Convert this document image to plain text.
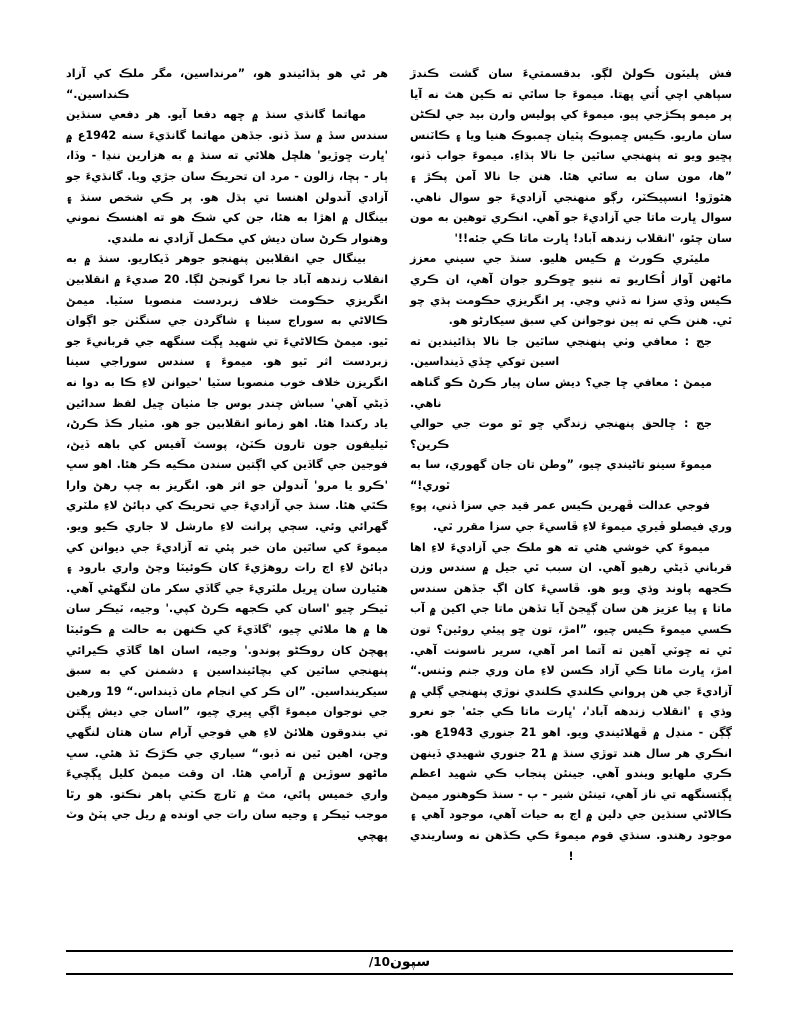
هر ڻي هو ٻڌائيندو هو، ”مرنداسين، مگر ملڪ کي آزاد ڪنداسين.“

مهاتما گانڌي سنڌ ۾ ڇهه دفعا آيو. هر دفعي سنڌين سندس سڏ ۾ سڏ ڏنو. جڏهن مهاتما گانڌيءَ سنه 1942ع ۾ 'ڀارت ڇوڙيو' هلچل هلائي ته سنڌ ۾ به هزارين ننڍا - وڏا، ٻار - ٻچا، زالون - مرد ان تحريڪ سان جڙي ويا. گانڌيءَ جو آزادي آندولن اهنسا تي ٻڌل هو. پر ڪي شخص سنڌ ۽ بينگال ۾ اهڙا به هئا، جن کي شڪ هو ته اهنسڪ نموني وهنوار ڪرڻ سان ديش کي مڪمل آزادي نه ملندي.

بينگال جي انقلابين پنهنجو جوهر ڏيکاريو. سنڌ ۾ به انقلاب زندهه آباد جا نعرا گونجڻ لڳا. 20 صديءَ ۾ انقلابين انگريزي حڪومت خلاف زبردست منصوبا سٽيا. ميمڻ ڪالاڻي به سوراج سينا ۽ شاگردن جي سنگٺن جو اڳوان ٿيو. ميمڻ ڪالاڻيءَ تي شهيد ڀڳت سنگهه جي قربانيءَ جو زبردست اثر ٿيو هو. ميموءَ ۽ سندس سوراجي سينا انگريزن خلاف خوب منصوبا سٽيا 'حيوانن لاءِ ڪا به دوا نه ڏيڻي آهي' سباش چندر بوس جا مٺيان ڇيل لفظ سدائين ياد رکندا هئا. اهو زمانو انقلابين جو هو. مٺيار ڪڏ ڪرڻ، ٽيليفون جون تارون ڪٽڻ، پوسٽ آفيس کي باهه ڏيڻ، فوجين جي گاڏين کي اڳتين سندن مڪيه ڪر هئا. اهو سڀ 'ڪرو يا مرو' آندولن جو اثر هو. انگريز به چپ رهڻ وارا ڪٿي هئا. سنڌ جي آزاديءَ جي تحريڪ کي دٻائڻ لاءِ ملٽري گهرائي وئي. سڄي پرانت لاءِ مارشل لا جاري ڪيو ويو. ميموءَ کي ساٿين مان خبر پئي ته آزاديءَ جي ديوانن کي دٻائڻ لاءِ اڄ رات روهڙيءَ کان ڪوئيٽا وڃڻ واري بارود ۽ هٿيارن سان ڀريل ملٽريءَ جي گاڏي سکر مان لنگهڻي آهي. ٽيڪر چيو 'اسان کي ڪجهه ڪرڻ کپي.' وجيه، ٽيڪر سان ها ۾ ها ملائي چيو، 'گاڏيءَ کي ڪنهن به حالت ۾ ڪوئيٽا پهچڻ کان روڪڻو پوندو.' وجيه، اسان اها گاڏي ڪيرائي پنهنجي ساٿين کي بچائينداسين ۽ دشمنن کي به سبق سيکرينداسين. ”ان ڪر کي انجام مان ڏينداس.“ 19 ورهين جي نوجوان ميموءَ اڳي ڀيري چيو، ”اسان جي ديش ڀڳتن تي بندوقون هلائڻ لاءِ هي فوجي آرام سان هتان لنگهي وڃن، اهين ٿين نه ڏبو.“ سياري جي ڪڙڪ ٿڌ هئي. سڀ ماڻهو سوڙين ۾ آرامي هئا. ان وقت ميمڻ کليل ڀڳچيءَ واري خميس پائي، مٿ ۾ ٽارچ ڪٽي ٻاهر نڪتو. هو رٿا موجب ٽيڪر ۽ وجيه سان رات جي اونده ۾ ريل جي پٽڻ وٽ پهچي

فش پليٽون ڪولڻ لڳو. بدقسمتيءَ سان گشت ڪندڙ سپاهي اچي اُتي پهتا. ميموءَ جا ساٿي ته ڪين هٿ نه آيا پر ميمو پڪڙجي پيو. ميموءَ کي پوليس وارن بيد جي لڪڻن سان ماريو. ڪيس ڇمبوڪ پٽيان ڇمبوڪ هنيا ويا ۽ ڪاٽنس پڇيو ويو ته پنهنجي ساٿين جا نالا ٻڌاءِ. ميموءَ جواب ڏنو، ”ها، مون سان به ساٿي هئا. هنن جا نالا آمن پڪڙ ۽ هٿوڙو! انسپيڪٽر، رڳو منهنجي آزاديءَ جو سوال ناهي. سوال ڀارت ماتا جي آزاديءَ جو آهي. انڪري توهين به مون سان چئو، 'انقلاب زندهه آباد! ڀارت ماتا ڪي جئه!!'

مليٽري ڪورٽ ۾ ڪيس هليو. سنڌ جي سيني معزز ماڻهن آواز اُڪاريو ته ننيو ڇوڪرو جوان آهي، ان ڪري ڪيس وڏي سزا نه ڏني وڃي. پر انگريزي حڪومت ٻڌي چو ٿي. هنن ڪي ته ٻين نوجوانن کي سبق سيکارڻو هو.

جج : معافي وٺي پنهنجي ساٿين جا نالا ٻڌائيندين ته اسين توکي ڇڏي ڏينداسين.

ميمڻ : معافي ڇا جي؟ ديش سان پيار ڪرڻ ڪو گناهه ناهي.

جج : ڇالحق پنهنجي زندگي ڇو ٿو موت جي حوالي ڪرين؟

ميموءَ سينو تاڻيندي چيو، ”وطن تان جان گهوري، سا به ٿوري!“

فوجي عدالت ڦهرين ڪيس عمر قيد جي سزا ڏني، پوءِ وري فيصلو ڦيري ميموءَ لاءِ ڦاسيءَ جي سزا مقرر ٿي.

ميموءَ کي خوشي هئي ته هو ملڪ جي آزاديءَ لاءِ اها قرباني ڏيڻي رهيو آهي. ان سبب ٿي جيل ۾ سندس وزن ڪجهه پاوند وڌي ويو هو. ڦاسيءَ کان اڳ جڏهن سندس ماتا ۽ پيا عزيز هن سان ڳڀجڻ آيا تڏهن ماتا جي اکين ۾ آب ڪسي ميموءَ ڪيس چيو، ”امڙ، تون ڇو پيئي روئين؟ تون ٿي ته ڇوٽي آهين ته آتما امر آهي، سرير ناسونت آهي. امڙ، ڀارت ماتا ڪي آزاد ڪسن لاءِ مان وري جنم وٺنس.“ آزاديءَ جي هن پرواني ڪلندي ڪلندي نوڙي پنهنجي ڳلي ۾ وڌي ۽ 'انقلاب زندهه آباد'، 'ڀارت ماتا ڪي جئه' جو نعرو ڳڳن - منڊل ۾ ڦهلائيندي ويو. اهو 21 جنوري 1943ع هو. انڪري هر سال هند توڙي سنڌ ۾ 21 جنوري شهيدي ڏينهن ڪري ملهايو ويندو آهي. جينئن پنجاب ڪي شهيد اعظم ڀڳتسنگهه تي ناز آهي، تينئن شير - ٻ - سنڌ ڪوهنور ميمڻ ڪالاڻي سنڌين جي دلين ۾ اڄ به حيات آهي، موجود آهي ۽ موجود رهندو. سنڌي قوم ميموءَ ڪي ڪڏهن نه وساريندي !

سپون/10
